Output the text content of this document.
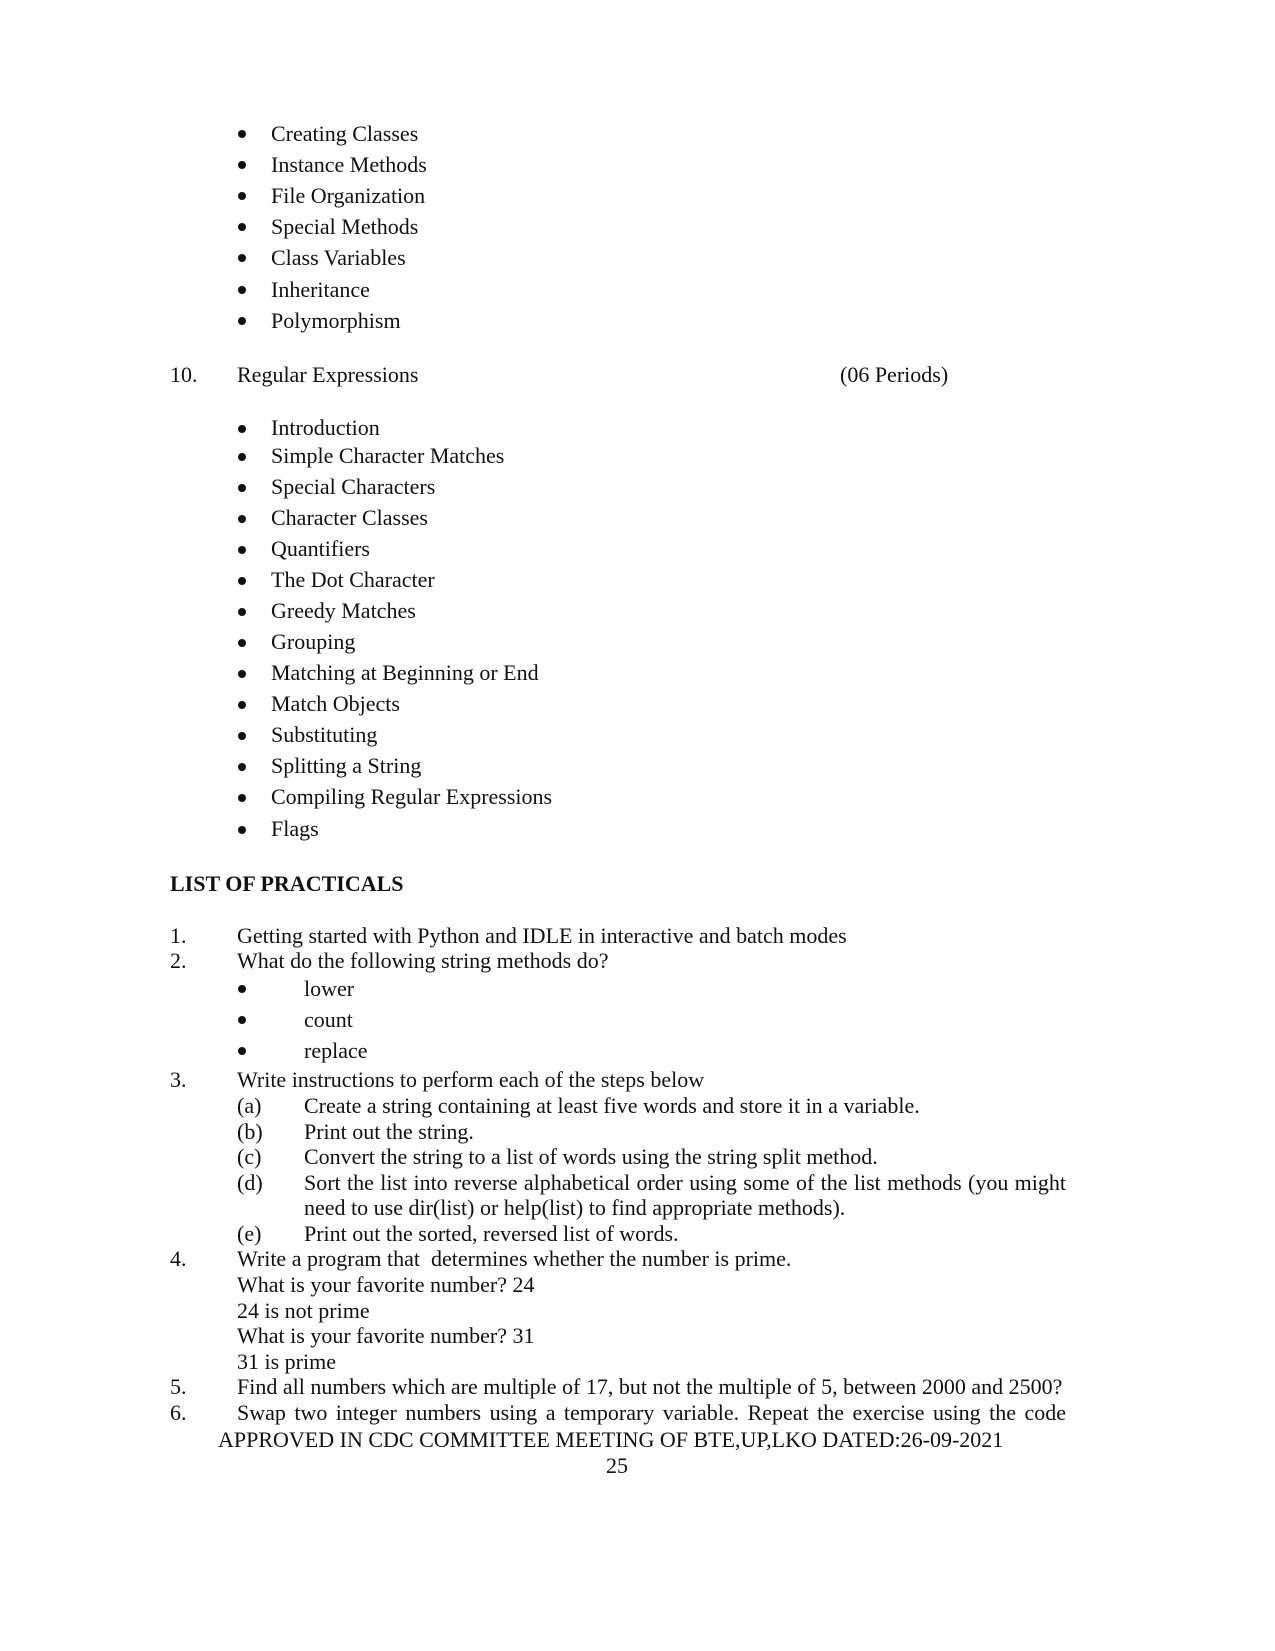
Creating Classes
Instance Methods
File Organization
Special Methods
Class Variables
Inheritance
Polymorphism
10. Regular Expressions	(06 Periods)
Introduction
Simple Character Matches
Special Characters
Character Classes
Quantifiers
The Dot Character
Greedy Matches
Grouping
Matching at Beginning or End
Match Objects
Substituting
Splitting a String
Compiling Regular Expressions
Flags
LIST OF PRACTICALS
1. Getting started with Python and IDLE in interactive and batch modes
2. What do the following string methods do?
lower
count
replace
3. Write instructions to perform each of the steps below
(a) Create a string containing at least five words and store it in a variable.
(b) Print out the string.
(c) Convert the string to a list of words using the string split method.
(d) Sort the list into reverse alphabetical order using some of the list methods (you might
need to use dir(list) or help(list) to find appropriate methods).
(e) Print out the sorted, reversed list of words.
4. Write a program that  determines whether the number is prime.
What is your favorite number? 24
24 is not prime
What is your favorite number? 31
31 is prime
5. Find all numbers which are multiple of 17, but not the multiple of 5, between 2000 and 2500?
6. Swap two integer numbers using a temporary variable. Repeat the exercise using the code
APPROVED IN CDC COMMITTEE MEETING OF BTE,UP,LKO DATED:26-09-2021
25
